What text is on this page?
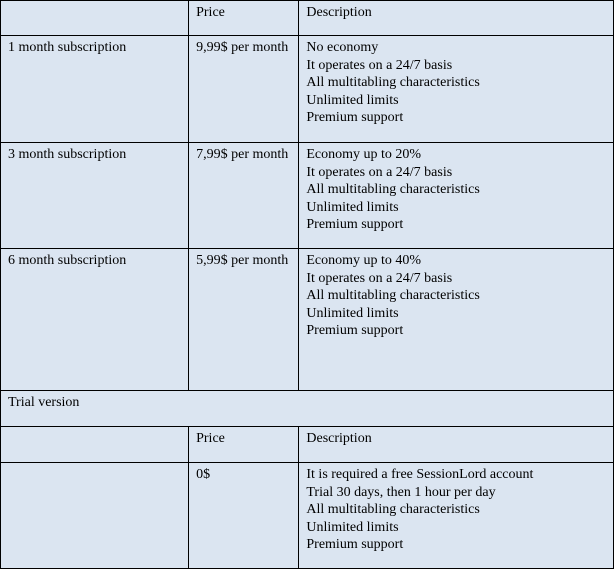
	Price	Description
1 month subscription	9,99$ per month	No economy
It operates on a 24/7 basis
All multitabling characteristics
Unlimited limits
Premium support

3 month subscription	7,99$ per month	Economy up to 20%
It operates on a 24/7 basis
All multitabling characteristics
Unlimited limits
Premium support

6 month subscription	5,99$ per month	Economy up to 40%
It operates on a 24/7 basis
All multitabling characteristics
Unlimited limits
Premium support

Trial version		
	Price	Description
	0$	It is required a free SessionLord account
Trial 30 days, then 1 hour per day
All multitabling characteristics
Unlimited limits
Premium support
